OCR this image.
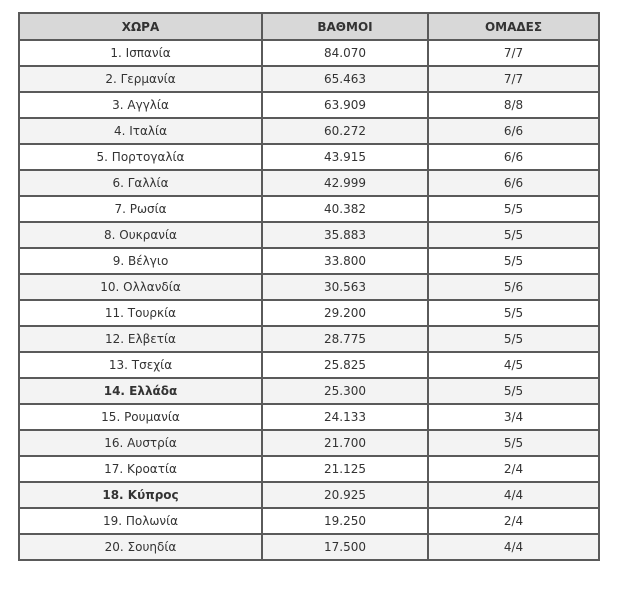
ΧΩΡΑ	ΒΑΘΜΟΙ	ΟΜΑΔΕΣ
1. Ισπανία	84.070	7/7
2. Γερμανία	65.463	7/7
3. Αγγλία	63.909	8/8
4. Ιταλία	60.272	6/6
5. Πορτογαλία	43.915	6/6
6. Γαλλία	42.999	6/6
7. Ρωσία	40.382	5/5
8. Ουκρανία	35.883	5/5
9. Βέλγιο	33.800	5/5
10. Ολλανδία	30.563	5/6
11. Τουρκία	29.200	5/5
12. Ελβετία	28.775	5/5
13. Τσεχία	25.825	4/5
14. Ελλάδα	25.300	5/5
15. Ρουμανία	24.133	3/4
16. Αυστρία	21.700	5/5
17. Κροατία	21.125	2/4
18. Κύπρος	20.925	4/4
19. Πολωνία	19.250	2/4
20. Σουηδία	17.500	4/4
